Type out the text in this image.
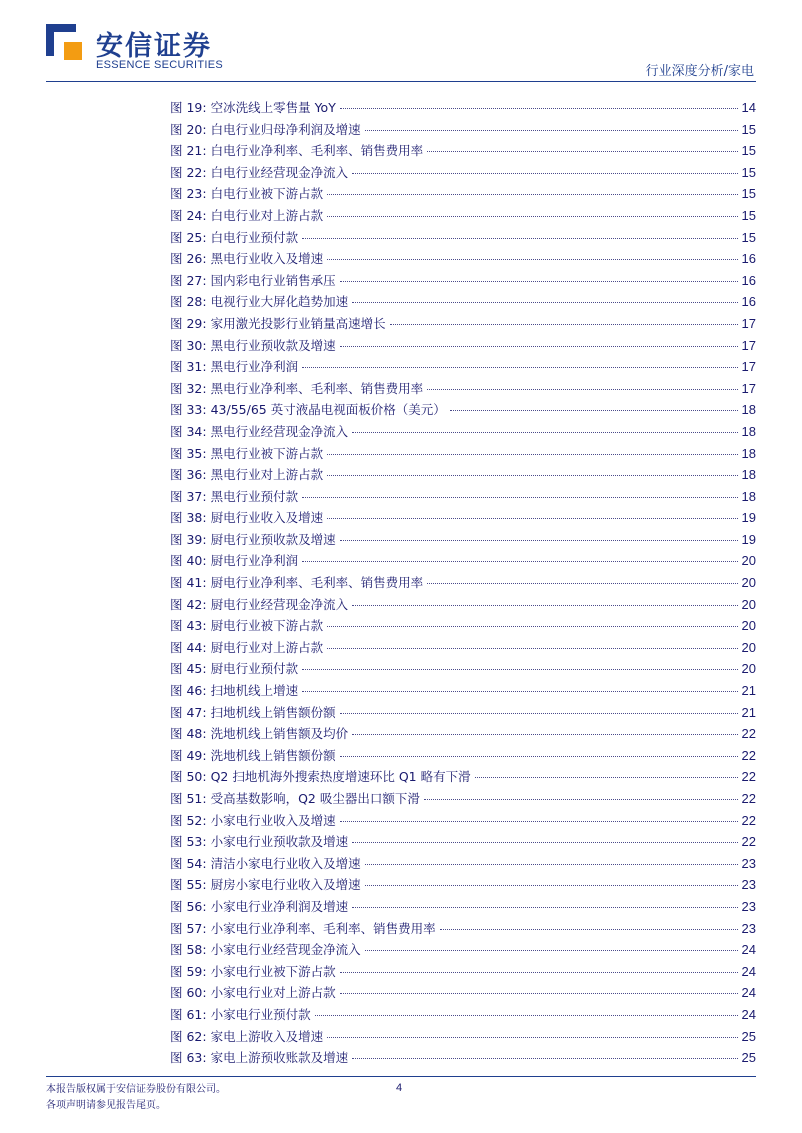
安信证券
ESSENCE SECURITIES	行业深度分析/家电
图 19: 空冰洗线上零售量 YoY	14
图 20: 白电行业归母净利润及增速	15
图 21: 白电行业净利率、毛利率、销售费用率	15
图 22: 白电行业经营现金净流入	15
图 23: 白电行业被下游占款	15
图 24: 白电行业对上游占款	15
图 25: 白电行业预付款	15
图 26: 黑电行业收入及增速	16
图 27: 国内彩电行业销售承压	16
图 28: 电视行业大屏化趋势加速	16
图 29: 家用激光投影行业销量高速增长	17
图 30: 黑电行业预收款及增速	17
图 31: 黑电行业净利润	17
图 32: 黑电行业净利率、毛利率、销售费用率	17
图 33: 43/55/65 英寸液晶电视面板价格（美元）	18
图 34: 黑电行业经营现金净流入	18
图 35: 黑电行业被下游占款	18
图 36: 黑电行业对上游占款	18
图 37: 黑电行业预付款	18
图 38: 厨电行业收入及增速	19
图 39: 厨电行业预收款及增速	19
图 40: 厨电行业净利润	20
图 41: 厨电行业净利率、毛利率、销售费用率	20
图 42: 厨电行业经营现金净流入	20
图 43: 厨电行业被下游占款	20
图 44: 厨电行业对上游占款	20
图 45: 厨电行业预付款	20
图 46: 扫地机线上增速	21
图 47: 扫地机线上销售额份额	21
图 48: 洗地机线上销售额及均价	22
图 49: 洗地机线上销售额份额	22
图 50: Q2 扫地机海外搜索热度增速环比 Q1 略有下滑	22
图 51: 受高基数影响，Q2 吸尘器出口额下滑	22
图 52: 小家电行业收入及增速	22
图 53: 小家电行业预收款及增速	22
图 54: 清洁小家电行业收入及增速	23
图 55: 厨房小家电行业收入及增速	23
图 56: 小家电行业净利润及增速	23
图 57: 小家电行业净利率、毛利率、销售费用率	23
图 58: 小家电行业经营现金净流入	24
图 59: 小家电行业被下游占款	24
图 60: 小家电行业对上游占款	24
图 61: 小家电行业预付款	24
图 62: 家电上游收入及增速	25
图 63: 家电上游预收账款及增速	25
本报告版权属于安信证券股份有限公司。
各项声明请参见报告尾页。
4
